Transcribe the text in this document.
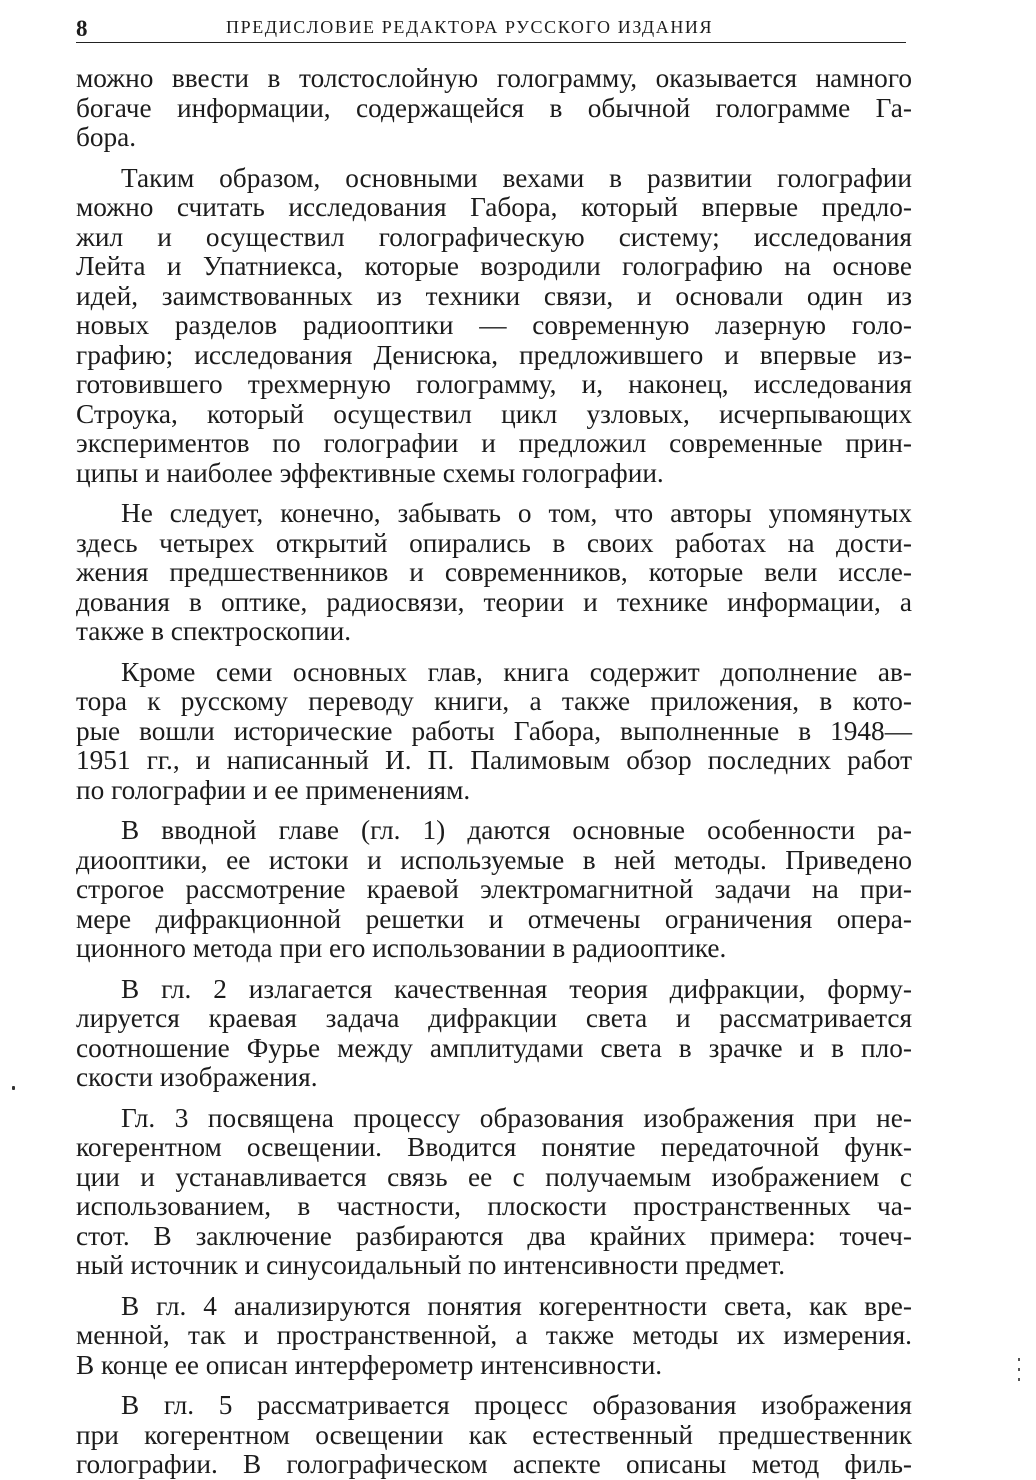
8	ПРЕДИСЛОВИЕ РЕДАКТОРА РУССКОГО ИЗДАНИЯ
можно ввести в толстослойную голограмму, оказывается намного
богаче информации, содержащейся в обычной голограмме Га-
бора.
Таким образом, основными вехами в развитии голографии
можно считать исследования Габора, который впервые предло-
жил и осуществил голографическую систему; исследования
Лейта и Упатниекса, которые возродили голографию на основе
идей, заимствованных из техники связи, и основали один из
новых разделов радиооптики — современную лазерную голо-
графию; исследования Денисюка, предложившего и впервые из-
готовившего трехмерную голограмму, и, наконец, исследования
Строука, который осуществил цикл узловых, исчерпывающих
экспериментов по голографии и предложил современные прин-
ципы и наиболее эффективные схемы голографии.
Не следует, конечно, забывать о том, что авторы упомянутых
здесь четырех открытий опирались в своих работах на дости-
жения предшественников и современников, которые вели иссле-
дования в оптике, радиосвязи, теории и технике информации, а
также в спектроскопии.
Кроме семи основных глав, книга содержит дополнение ав-
тора к русскому переводу книги, а также приложения, в кото-
рые вошли исторические работы Габора, выполненные в 1948—
1951 гг., и написанный И. П. Палимовым обзор последних работ
по голографии и ее применениям.
В вводной главе (гл. 1) даются основные особенности ра-
диооптики, ее истоки и используемые в ней методы. Приведено
строгое рассмотрение краевой электромагнитной задачи на при-
мере дифракционной решетки и отмечены ограничения опера-
ционного метода при его использовании в радиооптике.
В гл. 2 излагается качественная теория дифракции, форму-
лируется краевая задача дифракции света и рассматривается
соотношение Фурье между амплитудами света в зрачке и в пло-
скости изображения.
Гл. 3 посвящена процессу образования изображения при не-
когерентном освещении. Вводится понятие передаточной функ-
ции и устанавливается связь ее с получаемым изображением с
использованием, в частности, плоскости пространственных ча-
стот. В заключение разбираются два крайних примера: точеч-
ный источник и синусоидальный по интенсивности предмет.
В гл. 4 анализируются понятия когерентности света, как вре-
менной, так и пространственной, а также методы их измерения.
В конце ее описан интерферометр интенсивности.
В гл. 5 рассматривается процесс образования изображения
при когерентном освещении как естественный предшественник
голографии. В голографическом аспекте описаны метод филь-
